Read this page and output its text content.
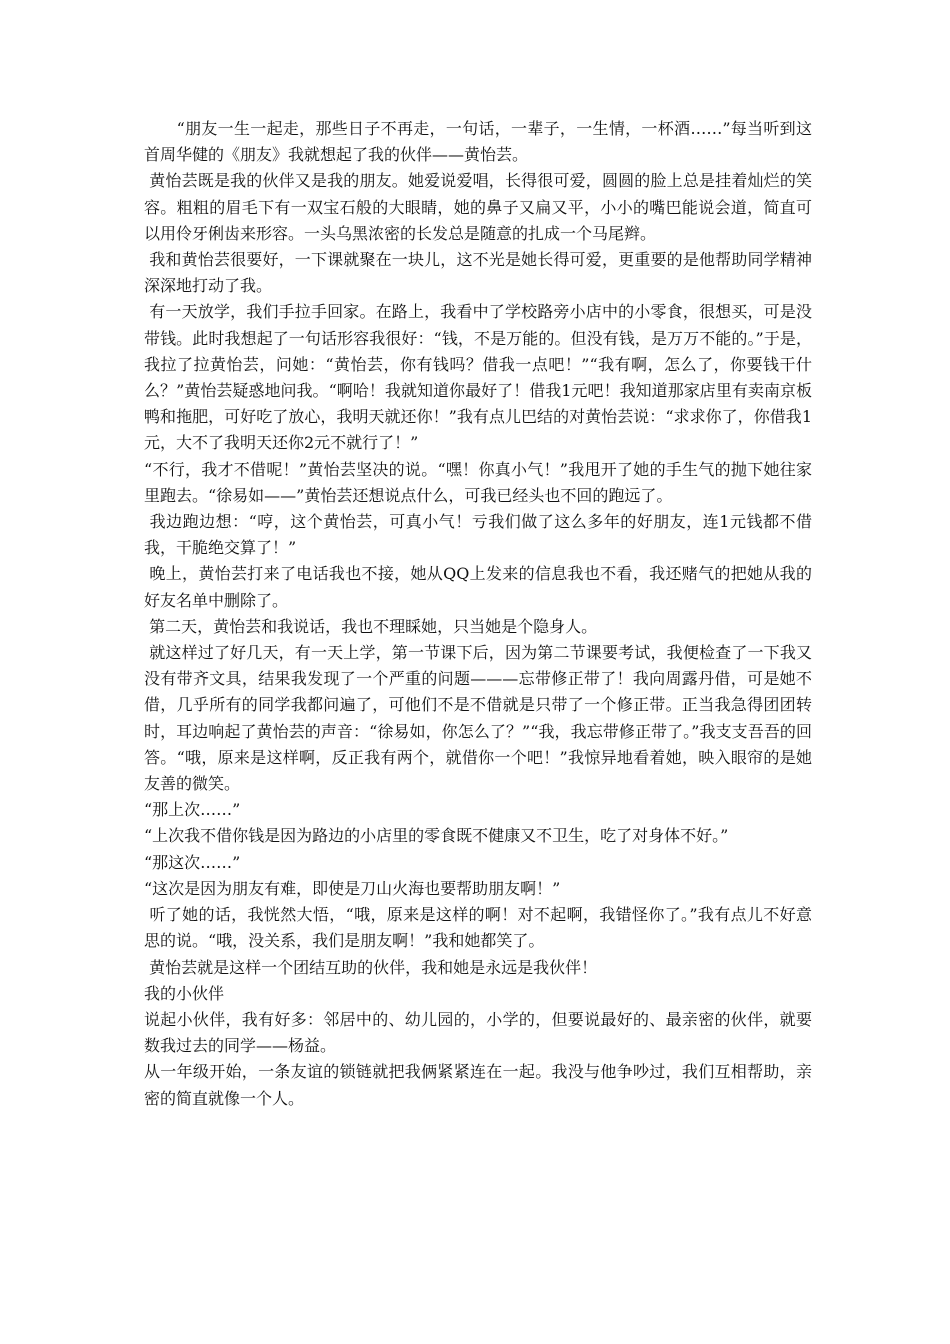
　　“朋友一生一起走，那些日子不再走，一句话，一辈子，一生情，一杯酒……”每当听到这首周华健的《朋友》我就想起了我的伙伴——黄怡芸。

黄怡芸既是我的伙伴又是我的朋友。她爱说爱唱，长得很可爱，圆圆的脸上总是挂着灿烂的笑容。粗粗的眉毛下有一双宝石般的大眼睛，她的鼻子又扁又平，小小的嘴巴能说会道，简直可以用伶牙俐齿来形容。一头乌黑浓密的长发总是随意的扎成一个马尾辫。

我和黄怡芸很要好，一下课就聚在一块儿，这不光是她长得可爱，更重要的是他帮助同学精神深深地打动了我。

有一天放学，我们手拉手回家。在路上，我看中了学校路旁小店中的小零食，很想买，可是没带钱。此时我想起了一句话形容我很好：“钱，不是万能的。但没有钱，是万万不能的。”于是，我拉了拉黄怡芸，问她：“黄怡芸，你有钱吗？借我一点吧！”“我有啊，怎么了，你要钱干什么？”黄怡芸疑惑地问我。“啊哈！我就知道你最好了！借我1元吧！我知道那家店里有卖南京板鸭和拖肥，可好吃了放心，我明天就还你！”我有点儿巴结的对黄怡芸说：“求求你了，你借我1元，大不了我明天还你2元不就行了！”

“不行，我才不借呢！”黄怡芸坚决的说。“嘿！你真小气！”我甩开了她的手生气的抛下她往家里跑去。“徐易如——”黄怡芸还想说点什么，可我已经头也不回的跑远了。

我边跑边想：“哼，这个黄怡芸，可真小气！亏我们做了这么多年的好朋友，连1元钱都不借我，干脆绝交算了！”

晚上，黄怡芸打来了电话我也不接，她从QQ上发来的信息我也不看，我还赌气的把她从我的好友名单中删除了。

第二天，黄怡芸和我说话，我也不理睬她，只当她是个隐身人。

就这样过了好几天，有一天上学，第一节课下后，因为第二节课要考试，我便检查了一下我又没有带齐文具，结果我发现了一个严重的问题———忘带修正带了！我向周露丹借，可是她不借，几乎所有的同学我都问遍了，可他们不是不借就是只带了一个修正带。正当我急得团团转时，耳边响起了黄怡芸的声音：“徐易如，你怎么了？”“我，我忘带修正带了。”我支支吾吾的回答。“哦，原来是这样啊，反正我有两个，就借你一个吧！”我惊异地看着她，映入眼帘的是她友善的微笑。

“那上次……”

“上次我不借你钱是因为路边的小店里的零食既不健康又不卫生，吃了对身体不好。”

“那这次……”

“这次是因为朋友有难，即使是刀山火海也要帮助朋友啊！”

听了她的话，我恍然大悟，“哦，原来是这样的啊！对不起啊，我错怪你了。”我有点儿不好意思的说。“哦，没关系，我们是朋友啊！”我和她都笑了。

黄怡芸就是这样一个团结互助的伙伴，我和她是永远是我伙伴！

我的小伙伴

说起小伙伴，我有好多：邻居中的、幼儿园的，小学的，但要说最好的、最亲密的伙伴，就要数我过去的同学——杨益。

从一年级开始，一条友谊的锁链就把我俩紧紧连在一起。我没与他争吵过，我们互相帮助，亲密的简直就像一个人。
